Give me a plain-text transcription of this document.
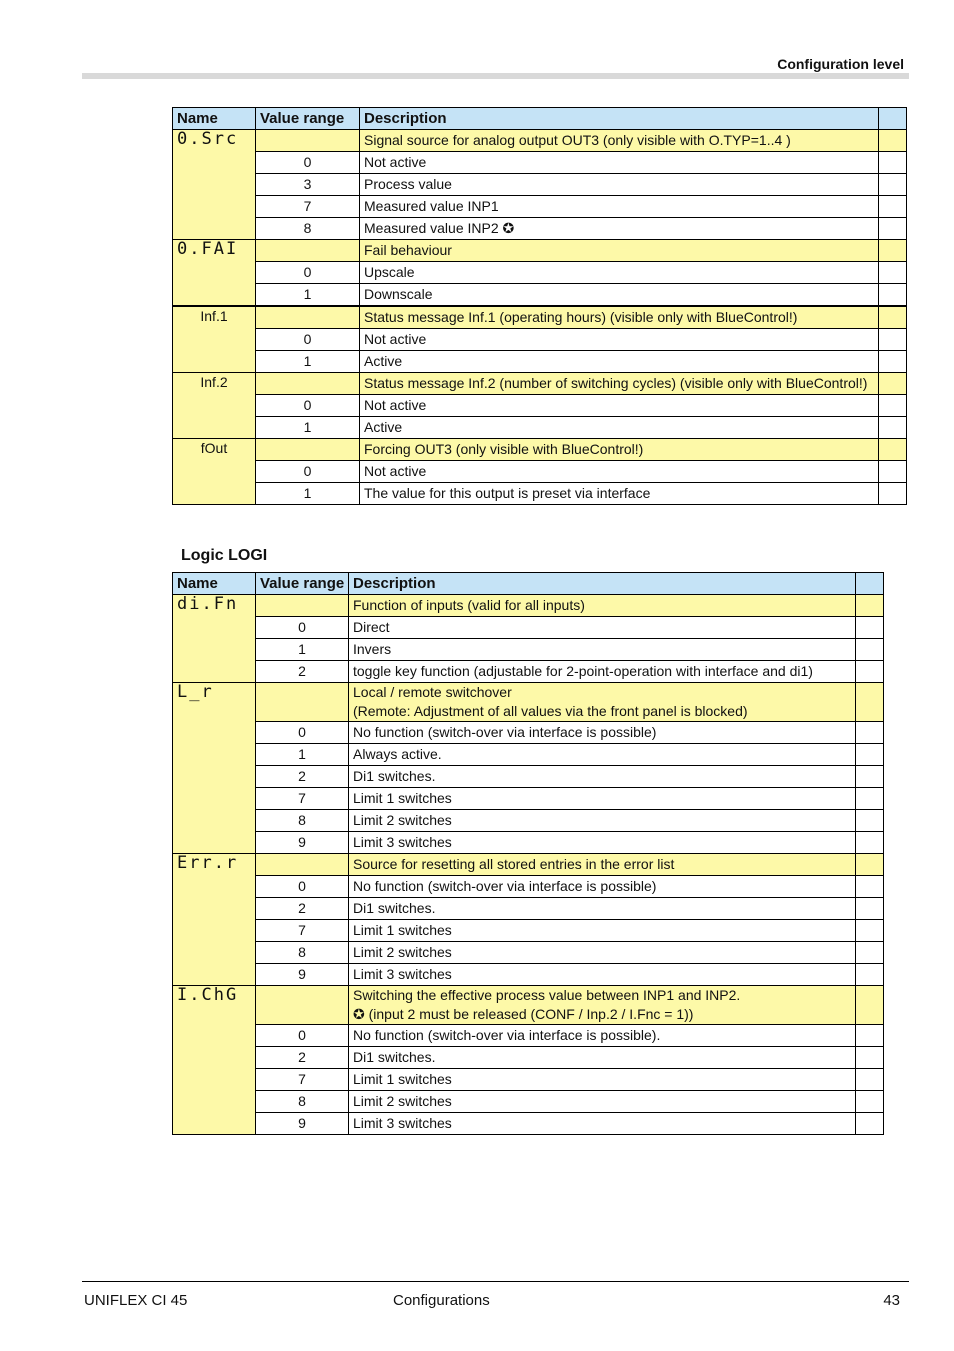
Configuration level
Name	Value range	Description	
0.Src		Signal source for analog output OUT3 (only visible with O.TYP=1..4 )	
	0	Not active	
	3	Process value	
	7	Measured value INP1	
	8	Measured value INP2 ✪	
0.FAI		Fail behaviour	
	0	Upscale	
	1	Downscale	
Inf.1		Status message Inf.1 (operating hours) (visible only with BlueControl!)	
	0	Not active	
	1	Active	
Inf.2		Status message Inf.2 (number of switching cycles) (visible only with BlueControl!)	
	0	Not active	
	1	Active	
fOut		Forcing OUT3 (only visible with BlueControl!)	
	0	Not active	
	1	The value for this output is preset via interface	
Logic LOGI
Name	Value range	Description	
di.Fn		Function of inputs (valid for all inputs)	
	0	Direct	
	1	Invers	
	2	toggle key function (adjustable for 2-point-operation with interface and di1)	
L_r		Local / remote switchover
(Remote: Adjustment of all values via the front panel is blocked)	

	0	No function (switch-over via interface is possible)	
	1	Always active.	
	2	Di1 switches.	
	7	Limit 1 switches	
	8	Limit 2 switches	
	9	Limit 3 switches	
Err.r		Source for resetting all stored entries in the error list	
	0	No function (switch-over via interface is possible)	
	2	Di1 switches.	
	7	Limit 1 switches	
	8	Limit 2 switches	
	9	Limit 3 switches	
I.ChG		Switching the effective process value between INP1 and INP2.
✪ (input 2 must be released (CONF / Inp.2 / I.Fnc = 1))	

	0	No function (switch-over via interface is possible).	
	2	Di1 switches.	
	7	Limit 1 switches	
	8	Limit 2 switches	
	9	Limit 3 switches	
UNIFLEX CI 45	Configurations	43
